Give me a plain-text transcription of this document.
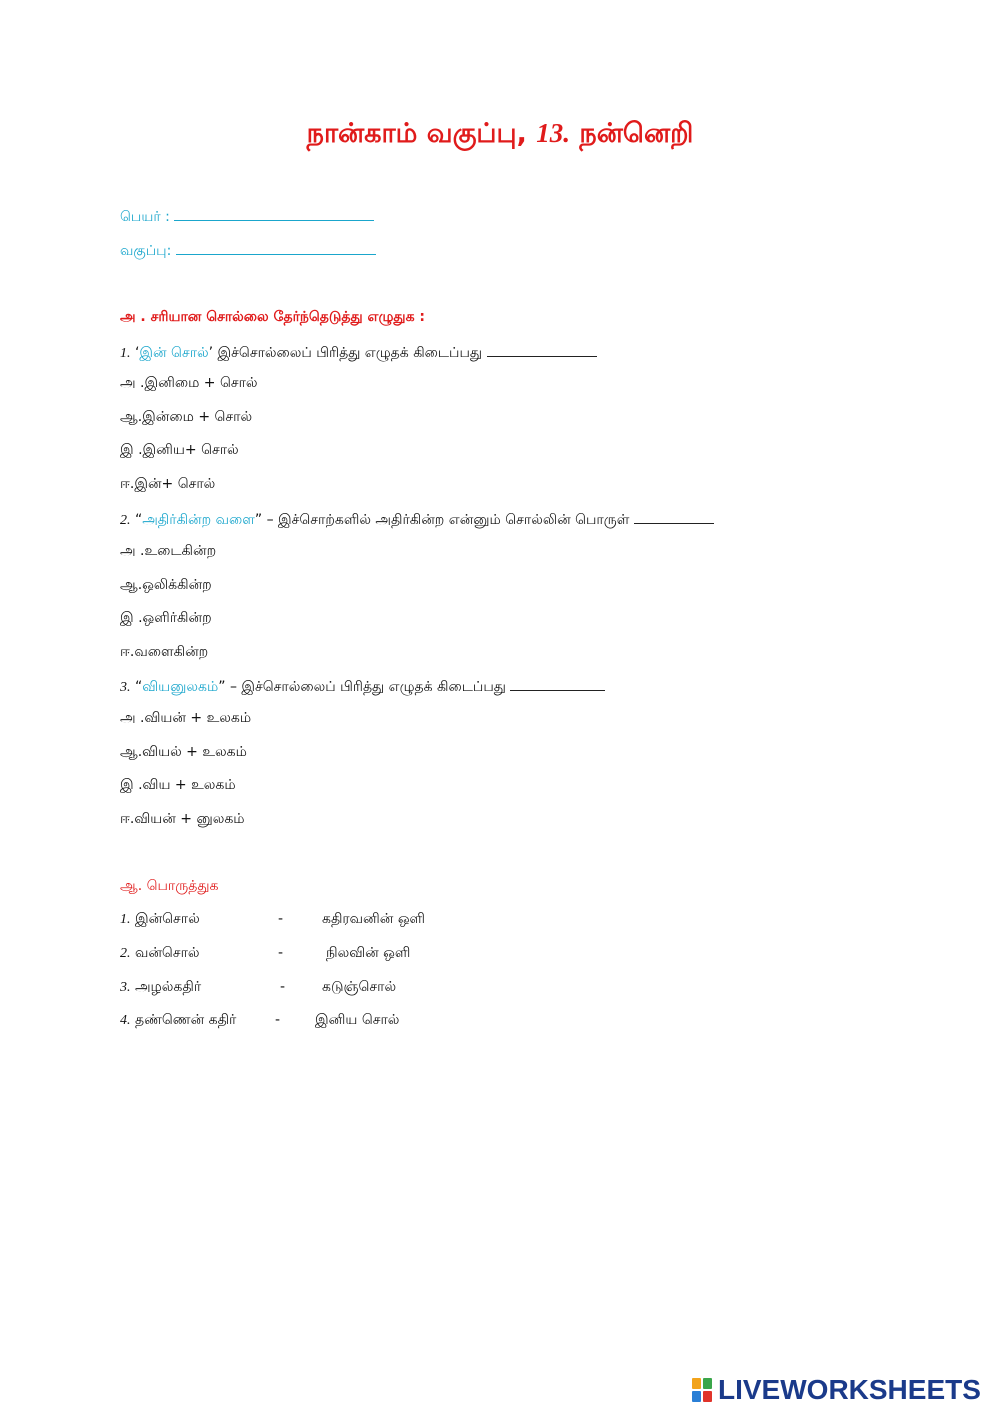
நான்காம் வகுப்பு, 13. நன்னெறி
பெயர் :
வகுப்பு:
அ . சரியான சொல்லை தேர்ந்தெடுத்து எழுதுக :
1. ‘இன் சொல்’ இச்சொல்லைப் பிரித்து எழுதக் கிடைப்பது
அ .இனிமை + சொல்
ஆ.இன்மை + சொல்
இ .இனிய+ சொல்
ஈ.இன்+ சொல்
2. “அதிர்கின்ற வளை” – இச்சொற்களில் அதிர்கின்ற என்னும் சொல்லின் பொருள்
அ .உடைகின்ற
ஆ.ஒலிக்கின்ற
இ .ஒளிர்கின்ற
ஈ.வளைகின்ற
3. “வியனுலகம்” – இச்சொல்லைப் பிரித்து எழுதக் கிடைப்பது
அ .வியன் + உலகம்
ஆ.வியல் + உலகம்
இ .விய + உலகம்
ஈ.வியன் + னுலகம்
ஆ. பொருத்துக
1. இன்சொல்	-	கதிரவனின் ஒளி
2. வன்சொல்	-	நிலவின் ஒளி
3. அழல்கதிர்	-	கடுஞ்சொல்
4. தண்ணென் கதிர்	- இனிய சொல்
LIVEWORKSHEETS
